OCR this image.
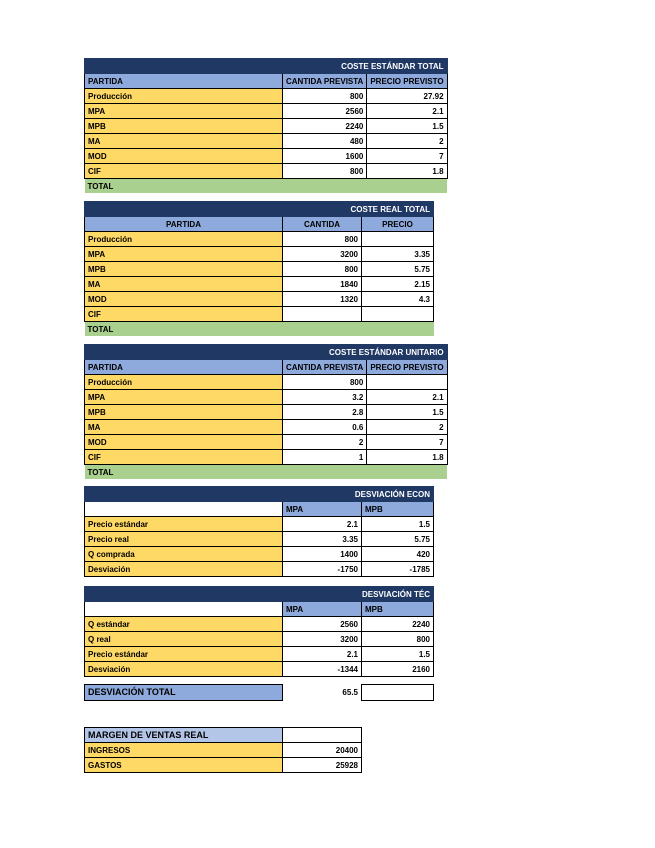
COSTE ESTÁNDAR TOTAL		
PARTIDA	CANTIDA PREVISTA	PRECIO PREVISTO
Producción	800	27.92
MPA	2560	2.1
MPB	2240	1.5
MA	480	2
MOD	1600	7
CIF	800	1.8
TOTAL		
COSTE REAL TOTAL		
PARTIDA	CANTIDA	PRECIO
Producción	800	
MPA	3200	3.35
MPB	800	5.75
MA	1840	2.15
MOD	1320	4.3
CIF		
TOTAL		
COSTE ESTÁNDAR UNITARIO		
PARTIDA	CANTIDA PREVISTA	PRECIO PREVISTO
Producción	800	
MPA	3.2	2.1
MPB	2.8	1.5
MA	0.6	2
MOD	2	7
CIF	1	1.8
TOTAL		
DESVIACIÓN ECON		
	MPA	MPB
Precio estándar	2.1	1.5
Precio real	3.35	5.75
Q comprada	1400	420
Desviación	-1750	-1785
DESVIACIÓN TÉC		
	MPA	MPB
Q estándar	2560	2240
Q real	3200	800
Precio estándar	2.1	1.5
Desviación	-1344	2160
DESVIACIÓN TOTAL	65.5	
MARGEN DE VENTAS REAL	
INGRESOS	20400
GASTOS	25928
